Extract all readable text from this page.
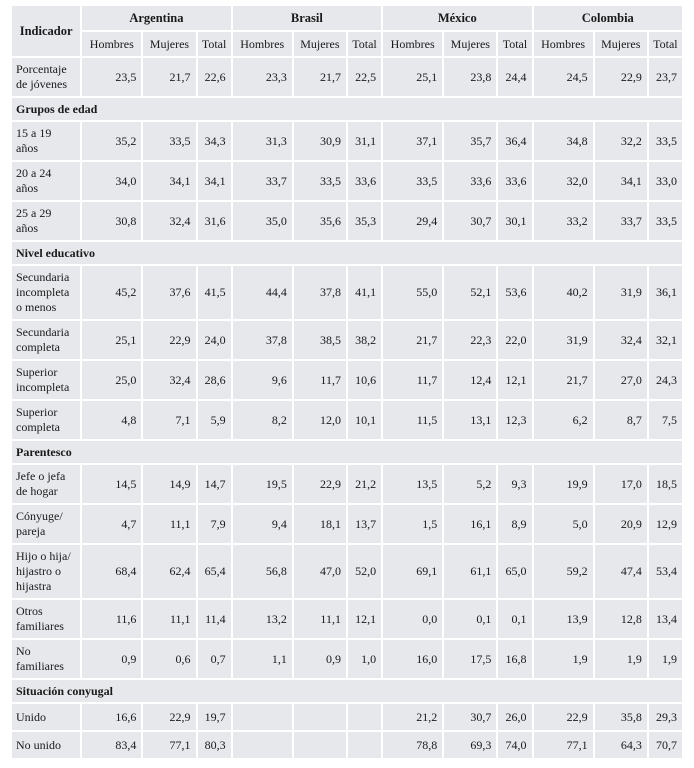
Indicador	Argentina			Brasil			México			Colombia		
	Hombres	Mujeres	Total	Hombres	Mujeres	Total	Hombres	Mujeres	Total	Hombres	Mujeres	Total
Porcentaje de jóvenes	23,5	21,7	22,6	23,3	21,7	22,5	25,1	23,8	24,4	24,5	22,9	23,7
Grupos de edad												
15 a 19 años	35,2	33,5	34,3	31,3	30,9	31,1	37,1	35,7	36,4	34,8	32,2	33,5
20 a 24 años	34,0	34,1	34,1	33,7	33,5	33,6	33,5	33,6	33,6	32,0	34,1	33,0
25 a 29 años	30,8	32,4	31,6	35,0	35,6	35,3	29,4	30,7	30,1	33,2	33,7	33,5
Nivel educativo												
Secundaria incompleta o menos	45,2	37,6	41,5	44,4	37,8	41,1	55,0	52,1	53,6	40,2	31,9	36,1
Secundaria completa	25,1	22,9	24,0	37,8	38,5	38,2	21,7	22,3	22,0	31,9	32,4	32,1
Superior incompleta	25,0	32,4	28,6	9,6	11,7	10,6	11,7	12,4	12,1	21,7	27,0	24,3
Superior completa	4,8	7,1	5,9	8,2	12,0	10,1	11,5	13,1	12,3	6,2	8,7	7,5
Parentesco												
Jefe o jefa de hogar	14,5	14,9	14,7	19,5	22,9	21,2	13,5	5,2	9,3	19,9	17,0	18,5
Cónyuge/ pareja	4,7	11,1	7,9	9,4	18,1	13,7	1,5	16,1	8,9	5,0	20,9	12,9
Hijo o hija/ hijastro o hijastra	68,4	62,4	65,4	56,8	47,0	52,0	69,1	61,1	65,0	59,2	47,4	53,4
Otros familiares	11,6	11,1	11,4	13,2	11,1	12,1	0,0	0,1	0,1	13,9	12,8	13,4
No familiares	0,9	0,6	0,7	1,1	0,9	1,0	16,0	17,5	16,8	1,9	1,9	1,9
Situación conyugal												
Unido	16,6	22,9	19,7				21,2	30,7	26,0	22,9	35,8	29,3
No unido	83,4	77,1	80,3				78,8	69,3	74,0	77,1	64,3	70,7
